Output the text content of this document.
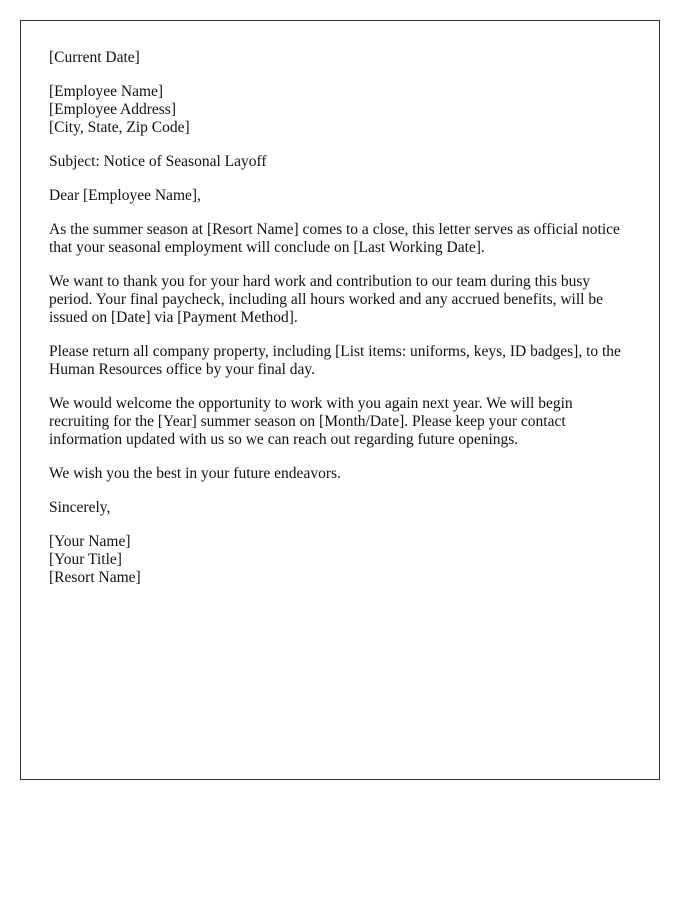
[Current Date]

[Employee Name]
[Employee Address]
[City, State, Zip Code]

Subject: Notice of Seasonal Layoff

Dear [Employee Name],

As the summer season at [Resort Name] comes to a close, this letter serves as official notice that your seasonal employment will conclude on [Last Working Date].

We want to thank you for your hard work and contribution to our team during this busy period. Your final paycheck, including all hours worked and any accrued benefits, will be issued on [Date] via [Payment Method].

Please return all company property, including [List items: uniforms, keys, ID badges], to the Human Resources office by your final day.

We would welcome the opportunity to work with you again next year. We will begin recruiting for the [Year] summer season on [Month/Date]. Please keep your contact information updated with us so we can reach out regarding future openings.

We wish you the best in your future endeavors.

Sincerely,

[Your Name]
[Your Title]
[Resort Name]
